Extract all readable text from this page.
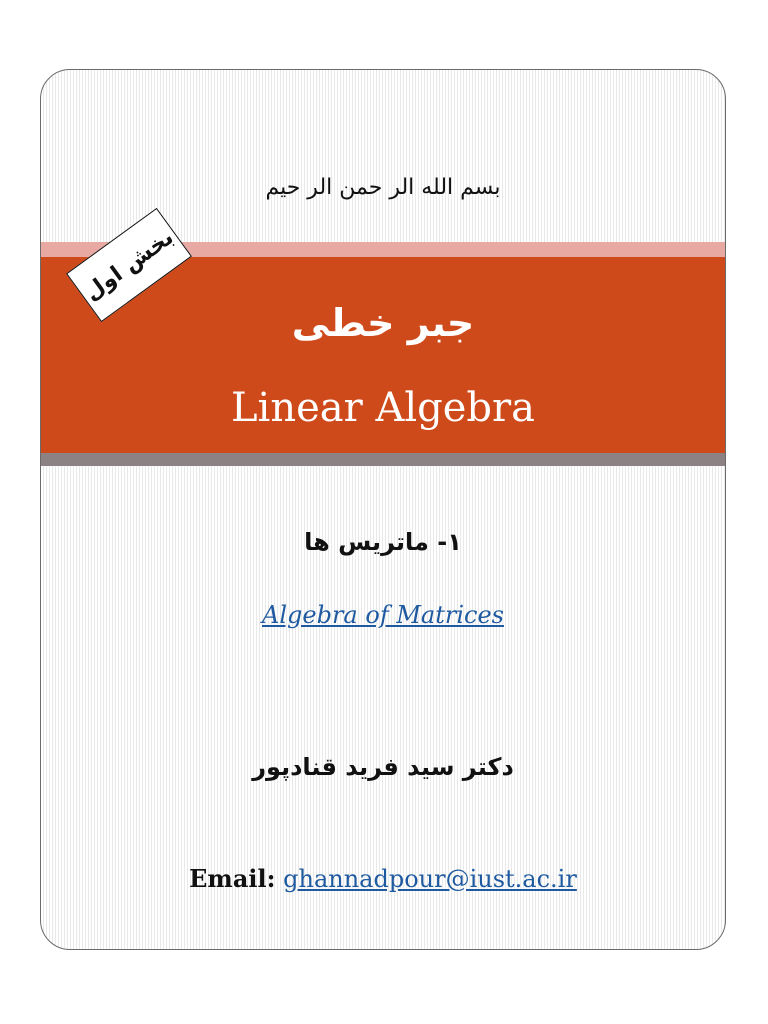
بسم الله الر حمن الر حیم
جبر خطی
Linear Algebra
بخش اول
۱- ماتریس ها
Algebra of Matrices
دکتر سید فرید قنادپور
Email: ghannadpour@iust.ac.ir
